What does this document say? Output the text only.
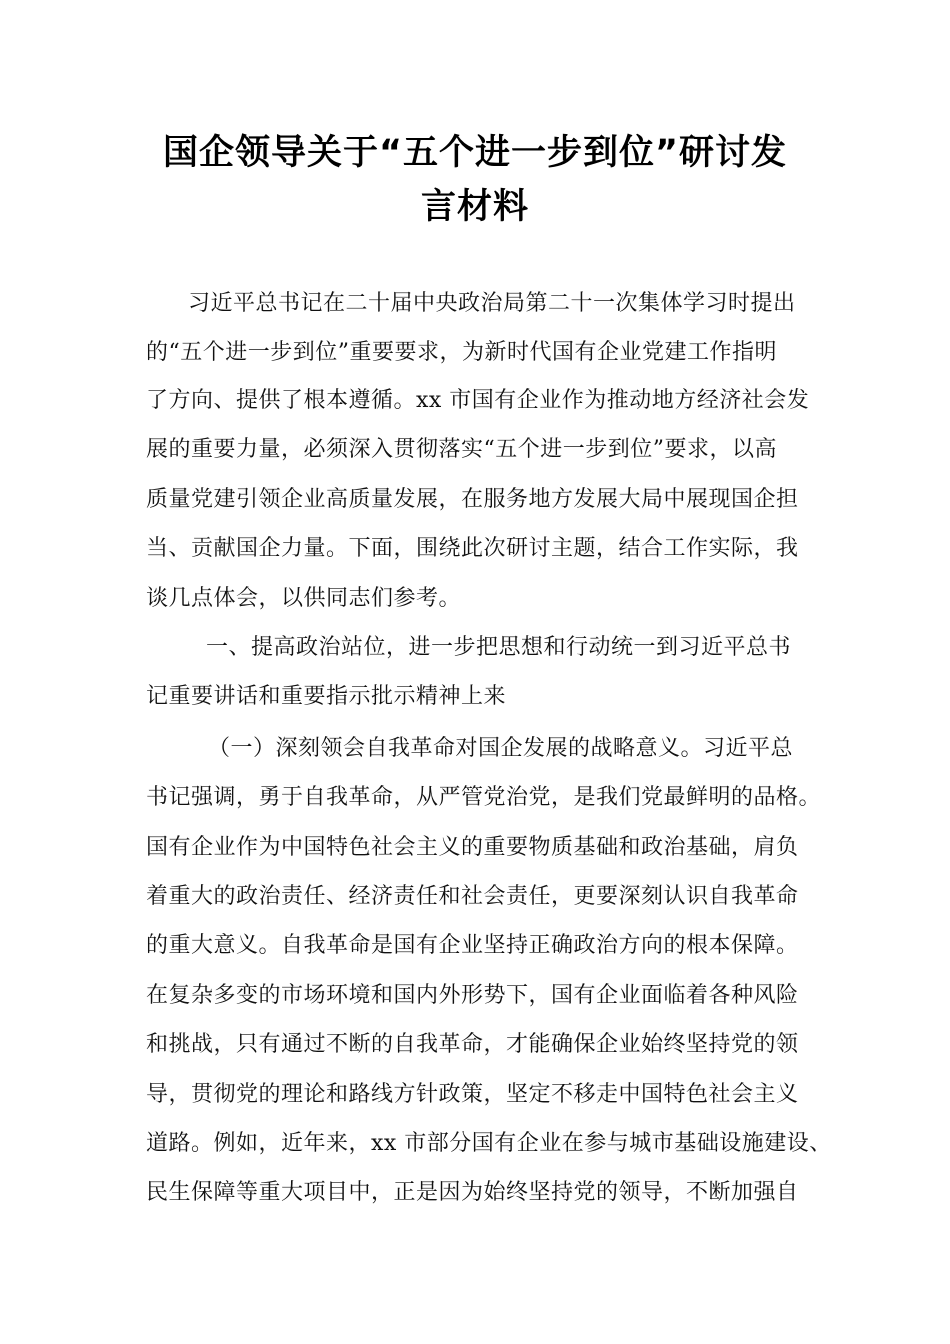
国企领导关于“五个进一步到位”研讨发
言材料
习近平总书记在二十届中央政治局第二十一次集体学习时提出
的“五个进一步到位”重要要求，为新时代国有企业党建工作指明
了方向、提供了根本遵循。xx 市国有企业作为推动地方经济社会发
展的重要力量，必须深入贯彻落实“五个进一步到位”要求，以高
质量党建引领企业高质量发展，在服务地方发展大局中展现国企担
当、贡献国企力量。下面，围绕此次研讨主题，结合工作实际，我
谈几点体会，以供同志们参考。
一、提高政治站位，进一步把思想和行动统一到习近平总书
记重要讲话和重要指示批示精神上来
（一）深刻领会自我革命对国企发展的战略意义。习近平总
书记强调，勇于自我革命，从严管党治党，是我们党最鲜明的品格。
国有企业作为中国特色社会主义的重要物质基础和政治基础，肩负
着重大的政治责任、经济责任和社会责任，更要深刻认识自我革命
的重大意义。自我革命是国有企业坚持正确政治方向的根本保障。
在复杂多变的市场环境和国内外形势下，国有企业面临着各种风险
和挑战，只有通过不断的自我革命，才能确保企业始终坚持党的领
导，贯彻党的理论和路线方针政策，坚定不移走中国特色社会主义
道路。例如，近年来，xx 市部分国有企业在参与城市基础设施建设、
民生保障等重大项目中，正是因为始终坚持党的领导，不断加强自
